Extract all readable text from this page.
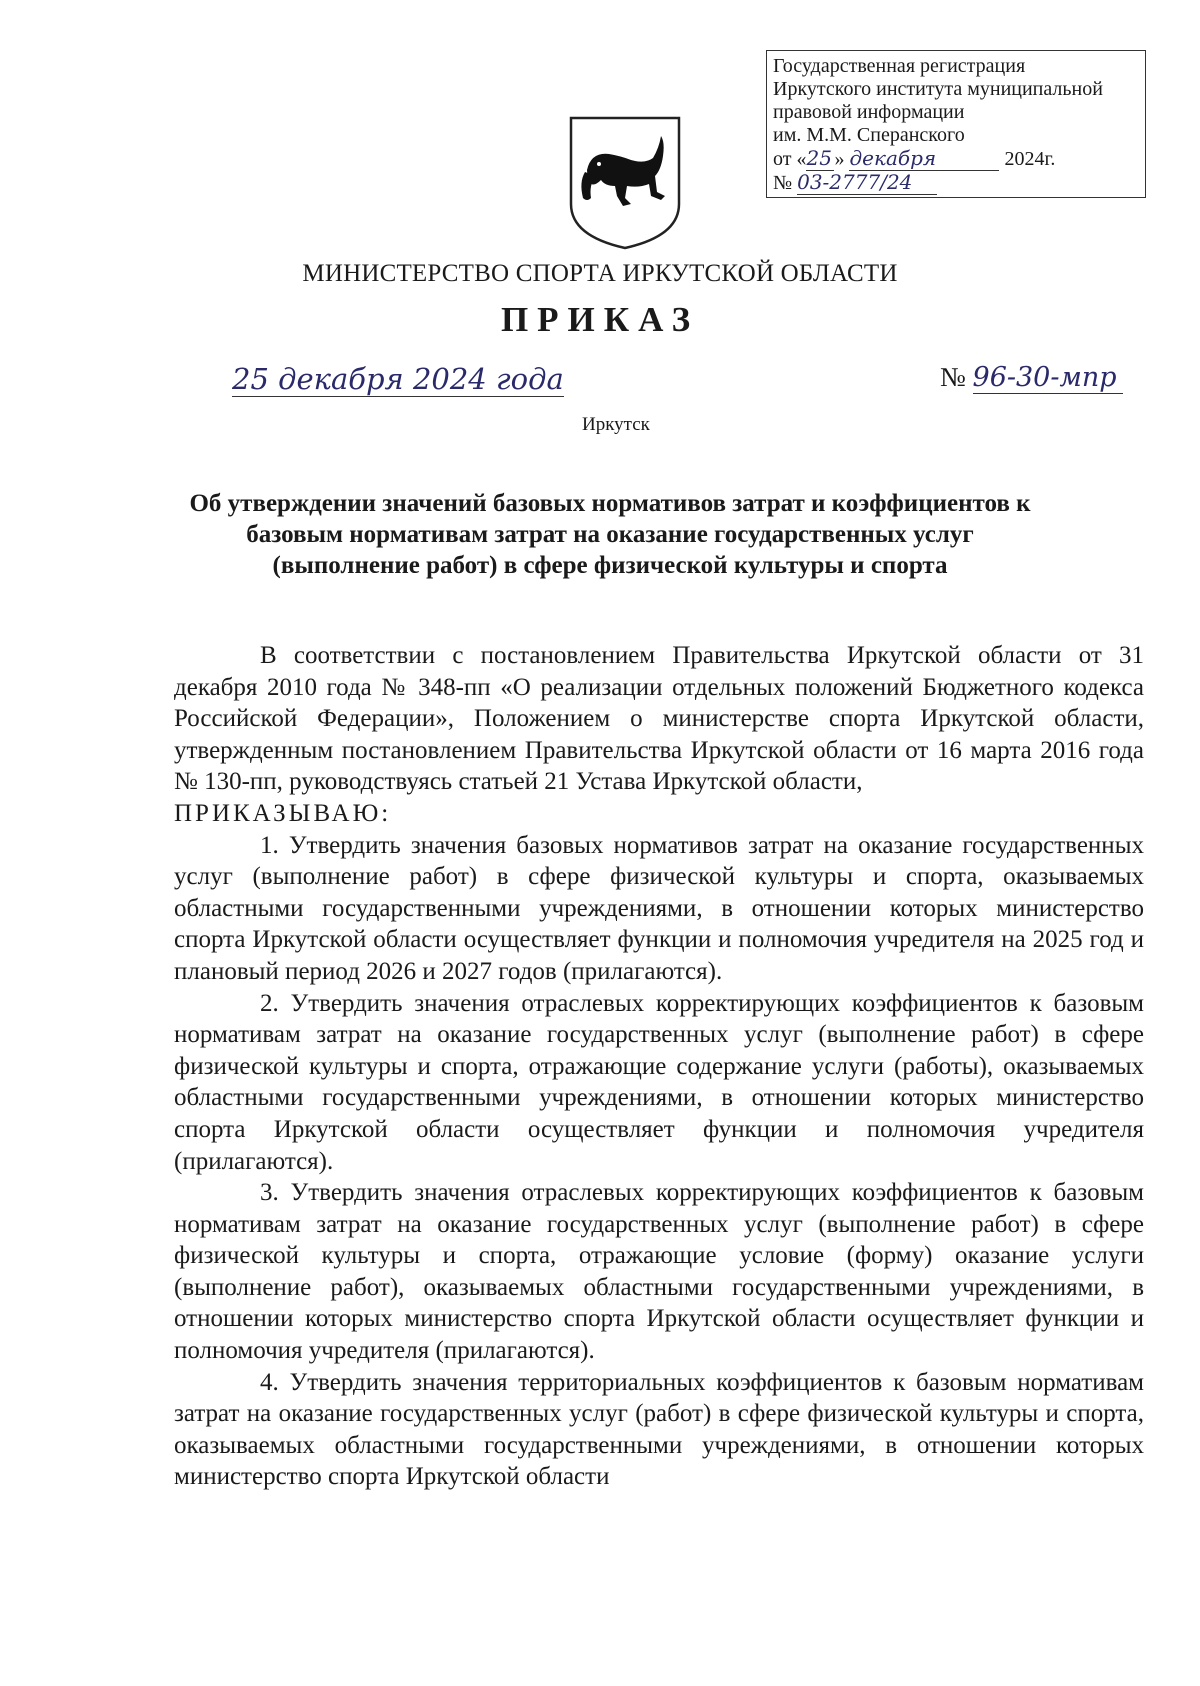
Государственная регистрация
Иркутского института муниципальной
правовой информации
им. М.М. Сперанского
от «25 » декабря	2024г.
№ 03-2777/24
МИНИСТЕРСТВО СПОРТА ИРКУТСКОЙ ОБЛАСТИ
ПРИКАЗ
25 декабря 2024 года	№ 96-30-мпр
Иркутск
Об утверждении значений базовых нормативов затрат и коэффициентов к
базовым нормативам затрат на оказание государственных услуг
(выполнение работ) в сфере физической культуры и спорта

В соответствии с постановлением Правительства Иркутской области от 31 декабря 2010 года № 348-пп «О реализации отдельных положений Бюджетного кодекса Российской Федерации», Положением о министерстве спорта Иркутской области, утвержденным постановлением Правительства Иркутской области от 16 марта 2016 года № 130-пп, руководствуясь статьей 21 Устава Иркутской области,

ПРИКАЗЫВАЮ:

1. Утвердить значения базовых нормативов затрат на оказание государственных услуг (выполнение работ) в сфере физической культуры и спорта, оказываемых областными государственными учреждениями, в отношении которых министерство спорта Иркутской области осуществляет функции и полномочия учредителя на 2025 год и плановый период 2026 и 2027 годов (прилагаются).

2. Утвердить значения отраслевых корректирующих коэффициентов к базовым нормативам затрат на оказание государственных услуг (выполнение работ) в сфере физической культуры и спорта, отражающие содержание услуги (работы), оказываемых областными государственными учреждениями, в отношении которых министерство спорта Иркутской области осуществляет функции и полномочия учредителя (прилагаются).

3. Утвердить значения отраслевых корректирующих коэффициентов к базовым нормативам затрат на оказание государственных услуг (выполнение работ) в сфере физической культуры и спорта, отражающие условие (форму) оказание услуги (выполнение работ), оказываемых областными государственными учреждениями, в отношении которых министерство спорта Иркутской области осуществляет функции и полномочия учредителя (прилагаются).

4. Утвердить значения территориальных коэффициентов к базовым нормативам затрат на оказание государственных услуг (работ) в сфере физической культуры и спорта, оказываемых областными государственными учреждениями, в отношении которых министерство спорта Иркутской области
